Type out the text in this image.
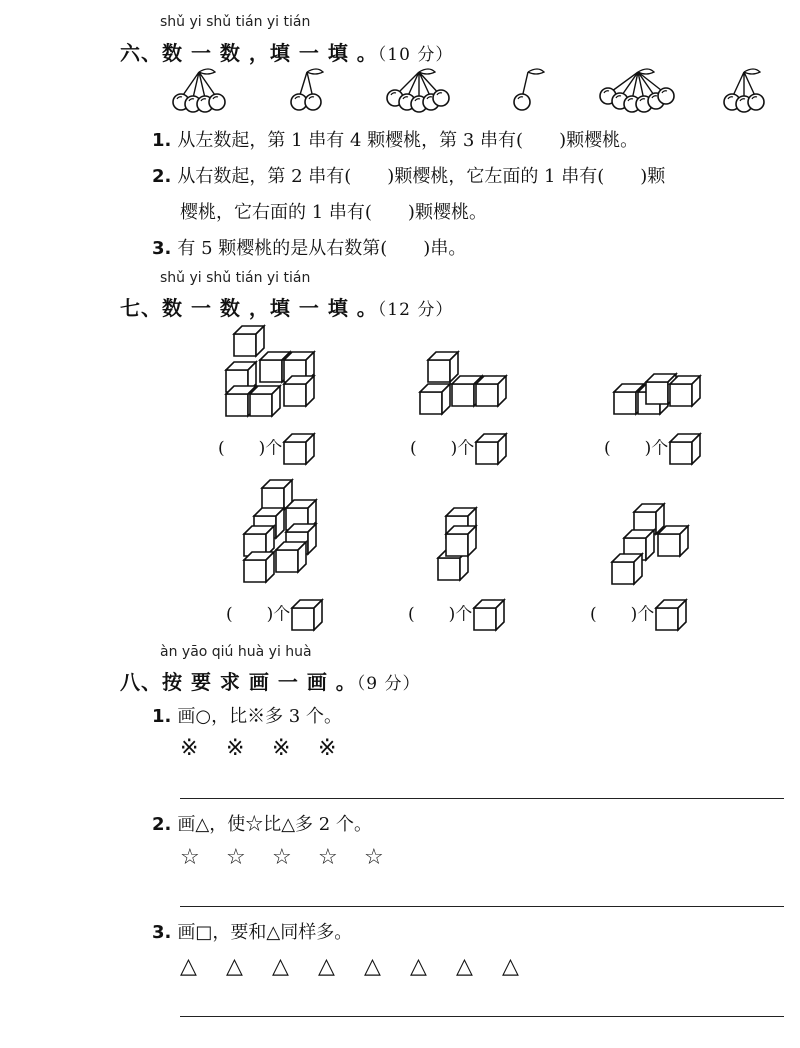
shǔ yi shǔ tián yi tián
六、数 一 数 ，填 一 填 。（10 分）
1. 从左数起，第 1 串有 4 颗樱桃，第 3 串有(　　)颗樱桃。
2. 从右数起，第 2 串有(　　)颗樱桃，它左面的 1 串有(　　)颗
樱桃，它右面的 1 串有(　　)颗樱桃。
3. 有 5 颗樱桃的是从右数第(　　)串。
shǔ yi shǔ tián yi tián
七、数 一 数 ，填 一 填 。（12 分）
(　　)个	(　　)个	(　　)个
(　　)个	(　　)个	(　　)个
àn yāo qiú huà yi huà
八、按 要 求 画 一 画 。（9 分）
1. 画○，比※多 3 个。
※ ※ ※ ※
2. 画△，使☆比△多 2 个。
☆ ☆ ☆ ☆ ☆
3. 画□，要和△同样多。
△ △ △ △ △ △ △ △
